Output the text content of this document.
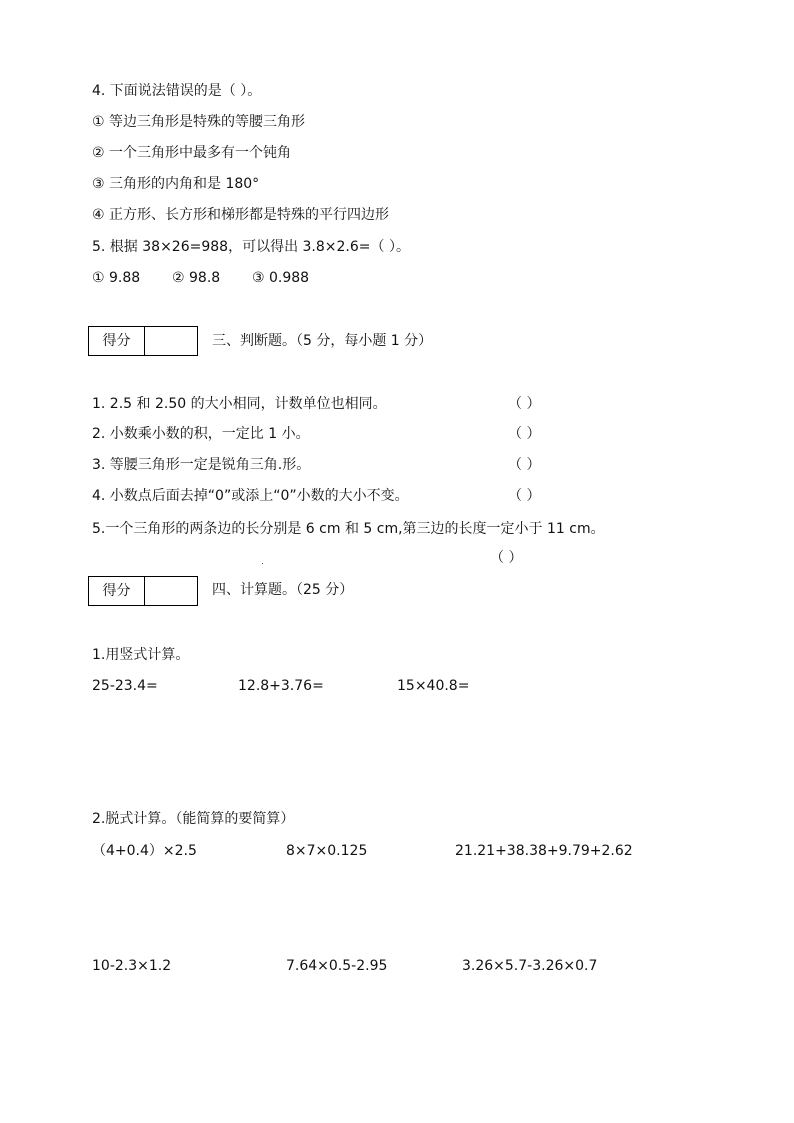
4. 下面说法错误的是（ ）。
① 等边三角形是特殊的等腰三角形
② 一个三角形中最多有一个钝角
③ 三角形的内角和是 180°
④ 正方形、长方形和梯形都是特殊的平行四边形
5. 根据 38×26=988，可以得出 3.8×2.6=（ ）。
① 9.88 ② 98.8 ③ 0.988
得分	三、判断题。（5 分，每小题 1 分）
1. 2.5 和 2.50 的大小相同，计数单位也相同。	（ ）
2. 小数乘小数的积，一定比 1 小。	（ ）
3. 等腰三角形一定是锐角三角.形。	（ ）
4. 小数点后面去掉“0”或添上“0”小数的大小不变。	（ ）
5.一个三角形的两条边的长分别是 6 cm 和 5 cm,第三边的长度一定小于 11 cm。
（ ）
得分	四、计算题。（25 分）
1.用竖式计算。
25-23.4=	12.8+3.76=	15×40.8=
2.脱式计算。（能简算的要简算）
（4+0.4）×2.5	8×7×0.125	21.21+38.38+9.79+2.62
10-2.3×1.2	7.64×0.5-2.95	3.26×5.7-3.26×0.7
